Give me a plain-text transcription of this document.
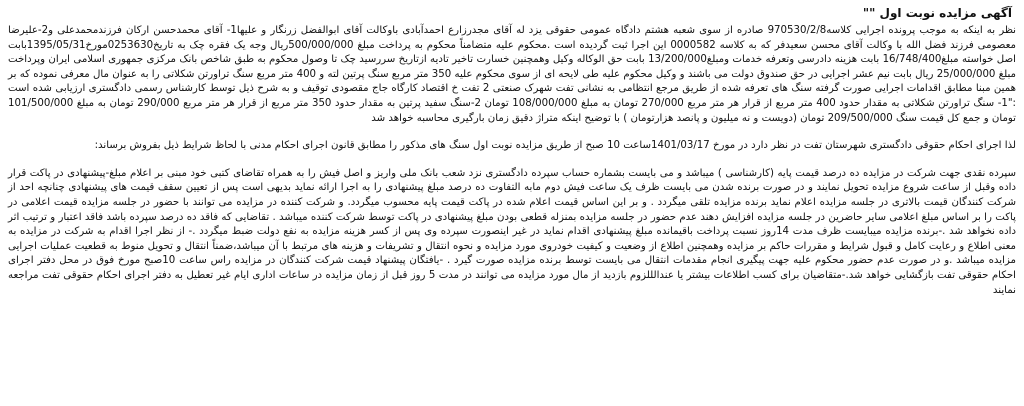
آگهی مزایده نوبت اول ""

نظر به اینکه به موجب پرونده اجرایی کلاسه970530/2/8 صادره از سوی شعبه هشتم دادگاه عمومی حقوقی یزد له آقای مجدرزارع احمدآبادی باوکالت آقای ابوالفضل زرنگار و علیها1- آقای محمدحسن ارکان فرزندمحمدعلی و2-علیرضا معصومی فرزند فضل الله با وکالت آقای محسن سعیدفر که به کلاسه 0000582 این اجرا ثبت گردیده است .محکوم علیه متضامناً محکوم به پرداخت مبلغ 500/000/000ریال وجه یک فقره چک به تاریخ0253630مورخ1395/05/31بابت اصل خواسته مبلغ16/748/400 بابت هزینه دادرسی وتعرفه خدمات ومبلغ13/200/000 بابت حق الوکاله وکیل وهمچنین خسارت تاخیر تادیه ازتاریخ سررسید چک تا وصول محکوم به طبق شاخص بانک مرکزی جمهوری اسلامی ایران وپرداخت مبلغ 25/000/000 ریال بابت نیم عشر اجرایی در حق صندوق دولت می باشند و وکیل محکوم علیه طی لایحه ای از سوی محکوم علیه 350 متر مربع سنگ پرتین لته و 400 متر مربع سنگ تراورتن شکلاتی را به عنوان مال معرفی نموده که بر همین مبنا مطابق اقدامات اجرایی صورت گرفته سنگ های تعرفه شده از طریق مرجع انتظامی به نشانی تفت شهرک صنعتی 2 تفت خ اقتصاد کارگاه جاج مقصودی توقیف و به شرح ذیل توسط کارشناس رسمی دادگستری ارزیابی شده است :"1- سنگ تراورتن شکلاتی به مقدار حدود 400 متر مربع از قرار هر متر مربع 270/000 تومان به مبلغ 108/000/000 تومان 2-سنگ سفید پرتین به مقدار حدود 350 متر مربع از قرار هر متر مربع 290/000 تومان به مبلغ 101/500/000 تومان و جمع کل قیمت سنگ 209/500/000 تومان (دویست و نه میلیون و پانصد هزارتومان ) با توضیح اینکه متراژ دقیق زمان بارگیری محاسبه خواهد شد

لذا اجرای احکام حقوقی دادگستری شهرستان تفت در نظر دارد در مورخ 1401/03/17ساعت 10 صبح از طریق مزایده نوبت اول سنگ های مذکور را مطابق قانون اجرای احکام مدنی با لحاظ شرایط ذیل بفروش برساند:

سپرده نقدی جهت شرکت در مزایده ده درصد قیمت پایه (کارشناسی ) میباشد و می بایست بشماره حساب سپرده دادگستری نزد شعب بانک ملی واریز و اصل فیش را به همراه تقاضای کتبی خود مبنی بر اعلام مبلغ-پیشنهادی در پاکت قرار داده وقبل از ساعت شروع مزایده تحویل نمایند و در صورت برنده شدن می بایست ظرف یک ساعت فیش دوم مابه التفاوت ده درصد مبلغ پیشنهادی را به اجرا ارائه نماید بدیهی است پس از تعیین سقف قیمت های پیشنهادی چنانچه احد از شرکت کنندگان قیمت بالاتری در جلسه مزایده اعلام نماید برنده مزایده تلقی میگردد . و بر این اساس قیمت اعلام شده در پاکت قیمت پایه محسوب میگردد. و شرکت کننده در مزایده می توانند با حضور در جلسه مزایده قیمت اعلامی در پاکت را بر اساس مبلغ اعلامی سایر حاضرین در جلسه مزایده افزایش دهند عدم حضور در جلسه مزایده بمنزله قطعی بودن مبلغ پیشنهادی در پاکت توسط شرکت کننده میباشد . تقاضایی که فاقد ده درصد سپرده باشد فاقد اعتبار و ترتیب اثر داده نخواهد شد .-برنده مزایده میبایست ظرف مدت 14روز نسبت پرداخت باقیمانده مبلغ پیشنهادی اقدام نماید در غیر اینصورت سپرده وی پس از کسر هزینه مزایده به نفع دولت ضبط میگردد .- از نظر اجرا اقدام به شرکت در مزایده به معنی اطلاع و رعایت کامل و قبول شرایط و مقررات حاکم بر مزایده وهمچنین اطلاع از وضعیت و کیفیت خودروی مورد مزایده و نحوه انتقال و تشریفات و هزینه های مرتبط با آن میباشد،ضمناً انتقال و تحویل منوط به قطعیت عملیات اجرایی مزایده میباشد .و در صورت عدم حضور محکوم علیه جهت پیگیری انجام مقدمات انتقال می بایست توسط برنده مزایده صورت گیرد . -یافتگان پیشنهاد قیمت شرکت کنندگان در مزایده راس ساعت 10صبح مورخ فوق در محل دفتر اجرای احکام حقوقی تفت بازگشایی خواهد شد.-متقاضیان برای کسب اطلاعات بیشتر یا عندالللزوم بازدید از مال مورد مزایده می توانند در مدت 5 روز قبل از زمان مزایده در ساعات اداری ایام غیر تعطیل به دفتر اجرای احکام حقوقی تفت مراجعه نمایند
